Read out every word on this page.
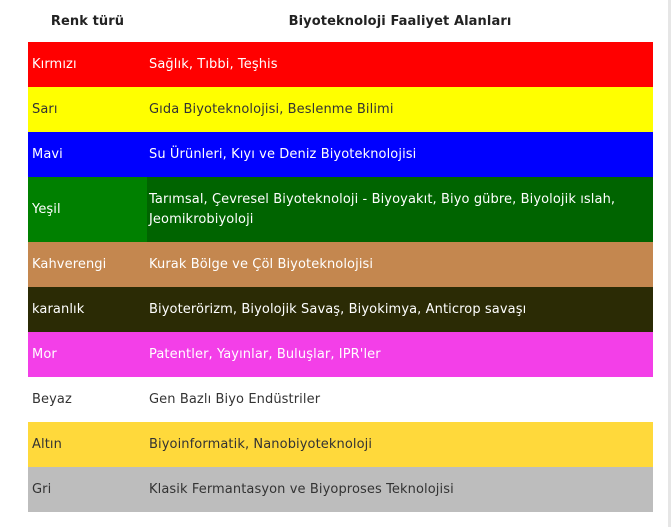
Renk türü	Biyoteknoloji Faaliyet Alanları
Kırmızı	Sağlık, Tıbbi, Teşhis
Sarı	Gıda Biyoteknolojisi, Beslenme Bilimi
Mavi	Su Ürünleri, Kıyı ve Deniz Biyoteknolojisi
Yeşil	Tarımsal, Çevresel Biyoteknoloji - Biyoyakıt, Biyo gübre, Biyolojik ıslah, Jeomikrobiyoloji
Kahverengi	Kurak Bölge ve Çöl Biyoteknolojisi
karanlık	Biyoterörizm, Biyolojik Savaş, Biyokimya, Anticrop savaşı
Mor	Patentler, Yayınlar, Buluşlar, IPR'ler
Beyaz	Gen Bazlı Biyo Endüstriler
Altın	Biyoinformatik, Nanobiyoteknoloji
Gri	Klasik Fermantasyon ve Biyoproses Teknolojisi
